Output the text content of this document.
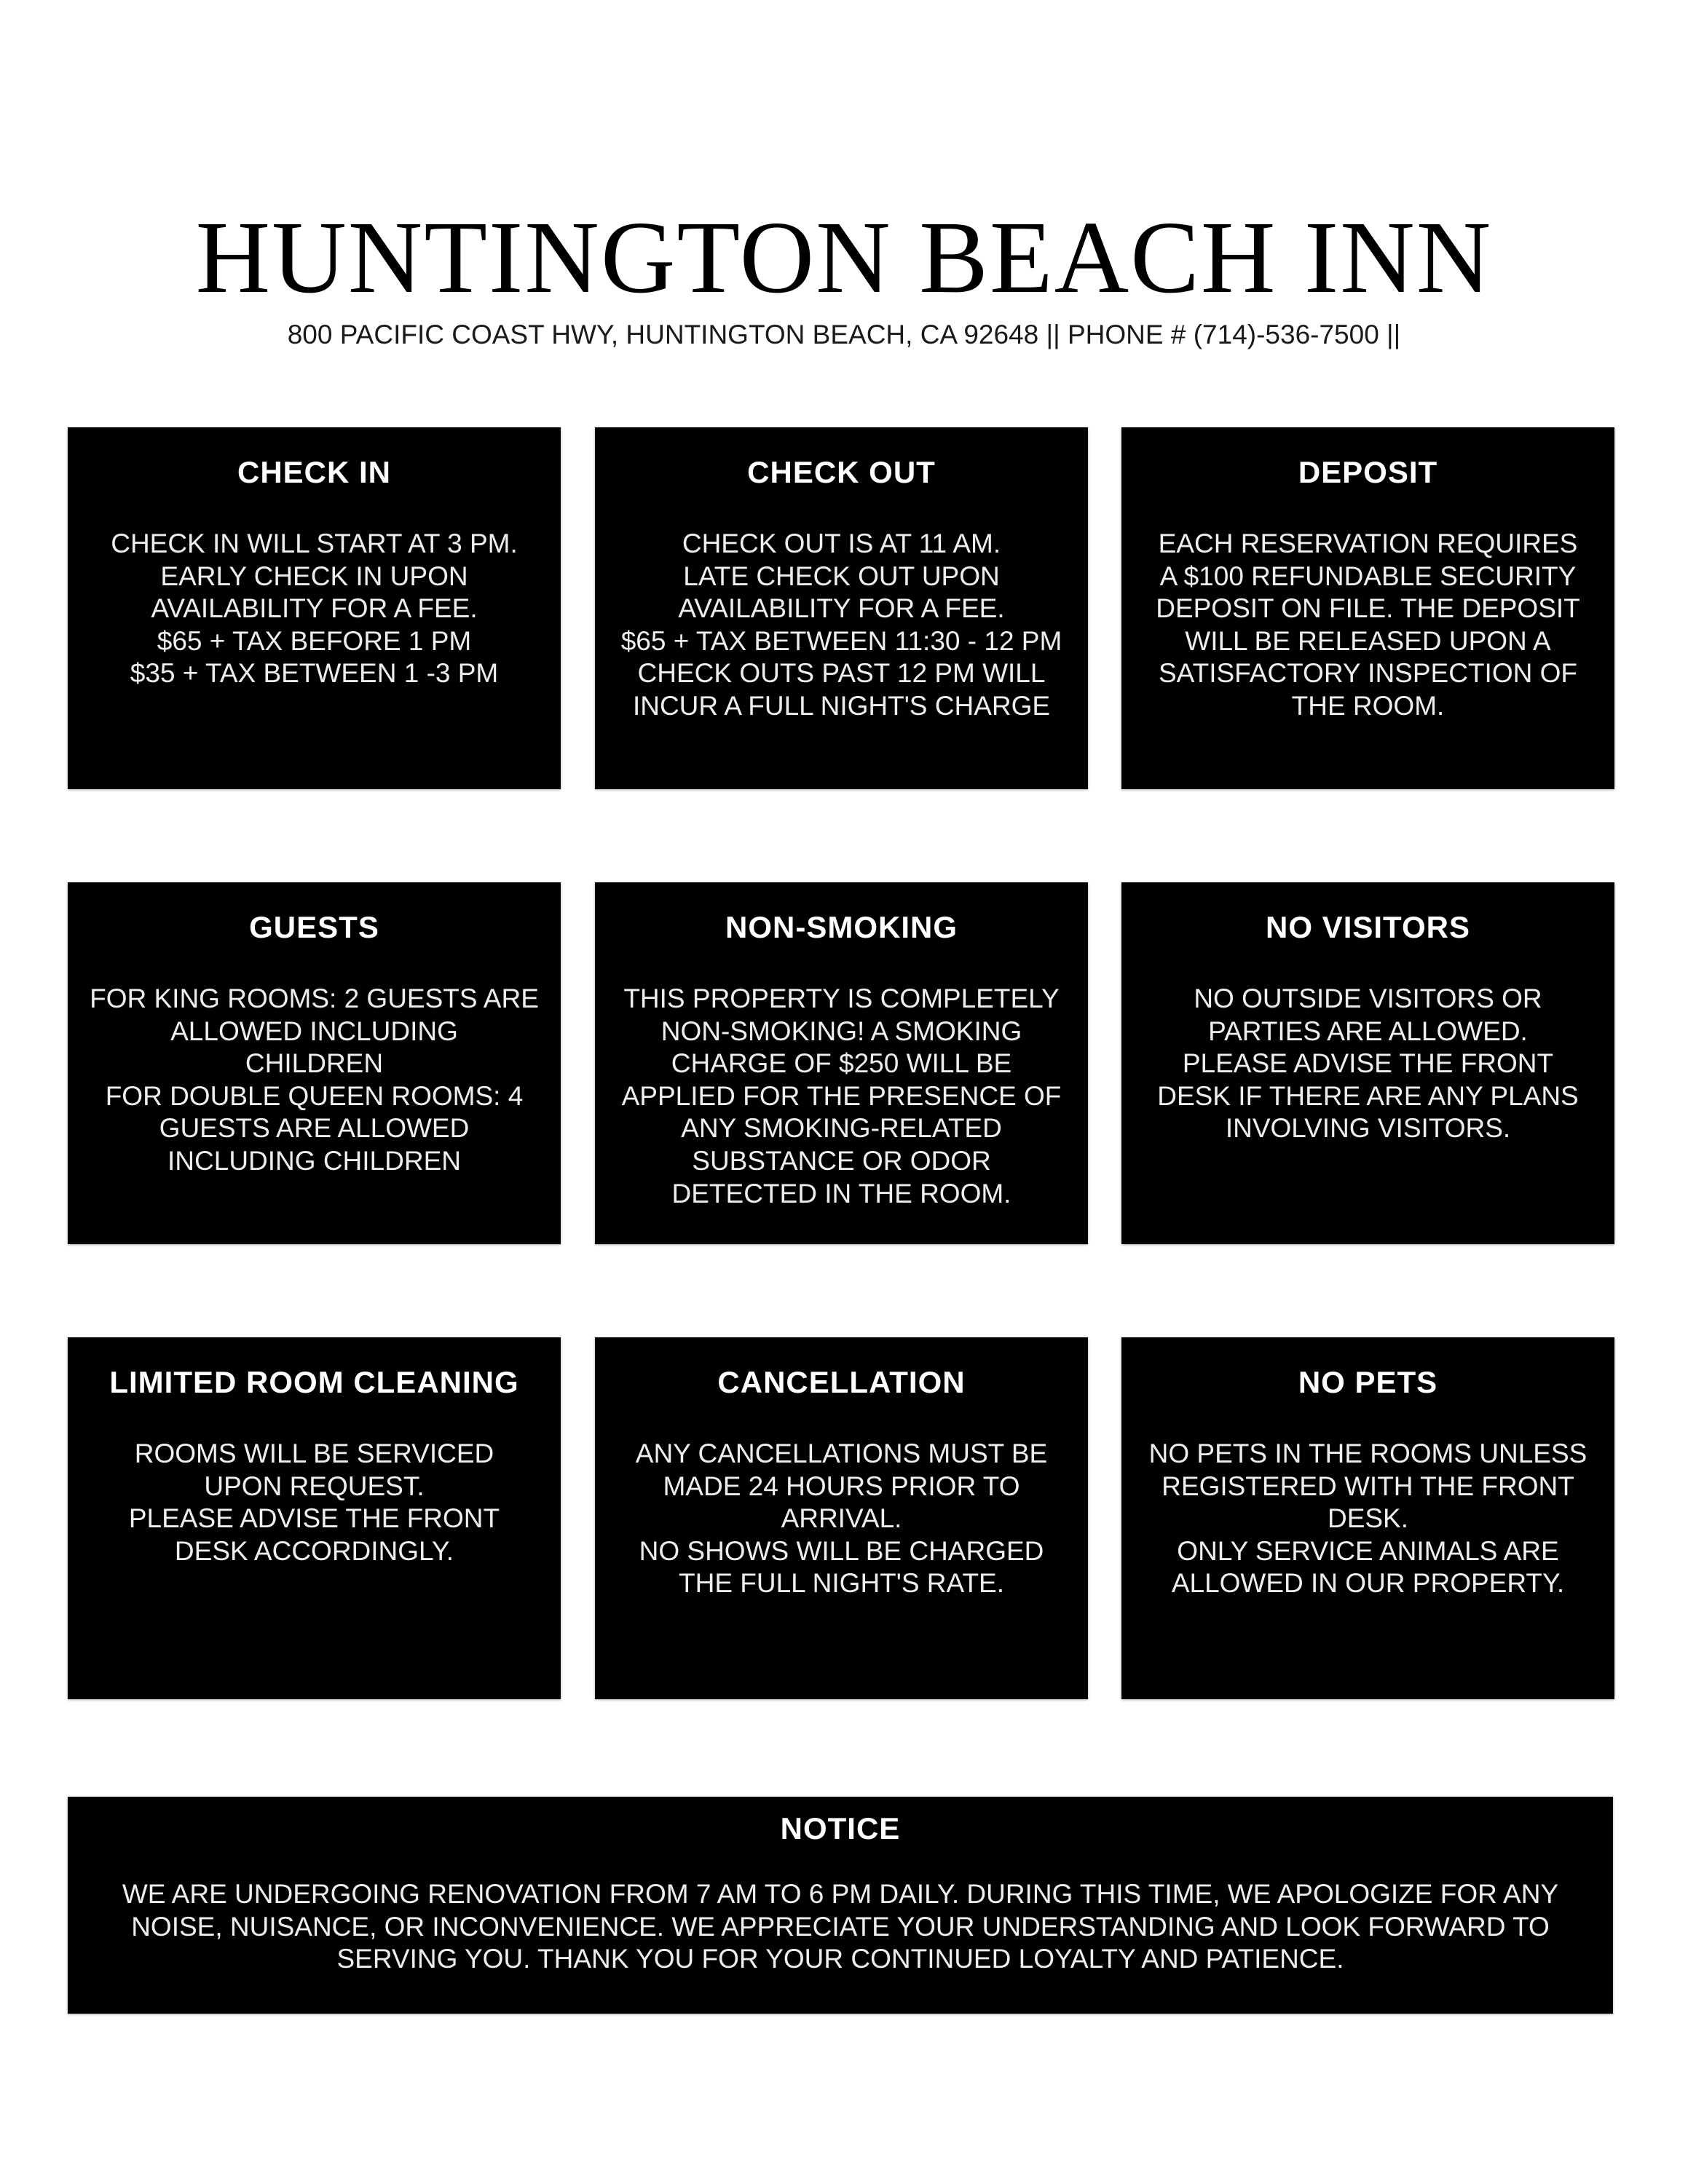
HUNTINGTON BEACH INN
800 PACIFIC COAST HWY, HUNTINGTON BEACH, CA 92648 || PHONE # (714)-536-7500 ||
CHECK IN
CHECK IN WILL START AT 3 PM.
EARLY CHECK IN UPON
AVAILABILITY FOR A FEE.
$65 + TAX BEFORE 1 PM
$35 + TAX BETWEEN 1 -3 PM
CHECK OUT
CHECK OUT IS AT 11 AM.
LATE CHECK OUT UPON
AVAILABILITY FOR A FEE.
$65 + TAX BETWEEN 11:30 - 12 PM
CHECK OUTS PAST 12 PM WILL
INCUR A FULL NIGHT'S CHARGE
DEPOSIT
EACH RESERVATION REQUIRES
A $100 REFUNDABLE SECURITY
DEPOSIT ON FILE. THE DEPOSIT
WILL BE RELEASED UPON A
SATISFACTORY INSPECTION OF
THE ROOM.
GUESTS
FOR KING ROOMS: 2 GUESTS ARE
ALLOWED INCLUDING
CHILDREN
FOR DOUBLE QUEEN ROOMS: 4
GUESTS ARE ALLOWED
INCLUDING CHILDREN
NON-SMOKING
THIS PROPERTY IS COMPLETELY
NON-SMOKING! A SMOKING
CHARGE OF $250 WILL BE
APPLIED FOR THE PRESENCE OF
ANY SMOKING-RELATED
SUBSTANCE OR ODOR
DETECTED IN THE ROOM.
NO VISITORS
NO OUTSIDE VISITORS OR
PARTIES ARE ALLOWED.
PLEASE ADVISE THE FRONT
DESK IF THERE ARE ANY PLANS
INVOLVING VISITORS.
LIMITED ROOM CLEANING
ROOMS WILL BE SERVICED
UPON REQUEST.
PLEASE ADVISE THE FRONT
DESK ACCORDINGLY.
CANCELLATION
ANY CANCELLATIONS MUST BE
MADE 24 HOURS PRIOR TO
ARRIVAL.
NO SHOWS WILL BE CHARGED
THE FULL NIGHT'S RATE.
NO PETS
NO PETS IN THE ROOMS UNLESS
REGISTERED WITH THE FRONT
DESK.
ONLY SERVICE ANIMALS ARE
ALLOWED IN OUR PROPERTY.
NOTICE
WE ARE UNDERGOING RENOVATION FROM 7 AM TO 6 PM DAILY. DURING THIS TIME, WE APOLOGIZE FOR ANY
NOISE, NUISANCE, OR INCONVENIENCE. WE APPRECIATE YOUR UNDERSTANDING AND LOOK FORWARD TO
SERVING YOU. THANK YOU FOR YOUR CONTINUED LOYALTY AND PATIENCE.
